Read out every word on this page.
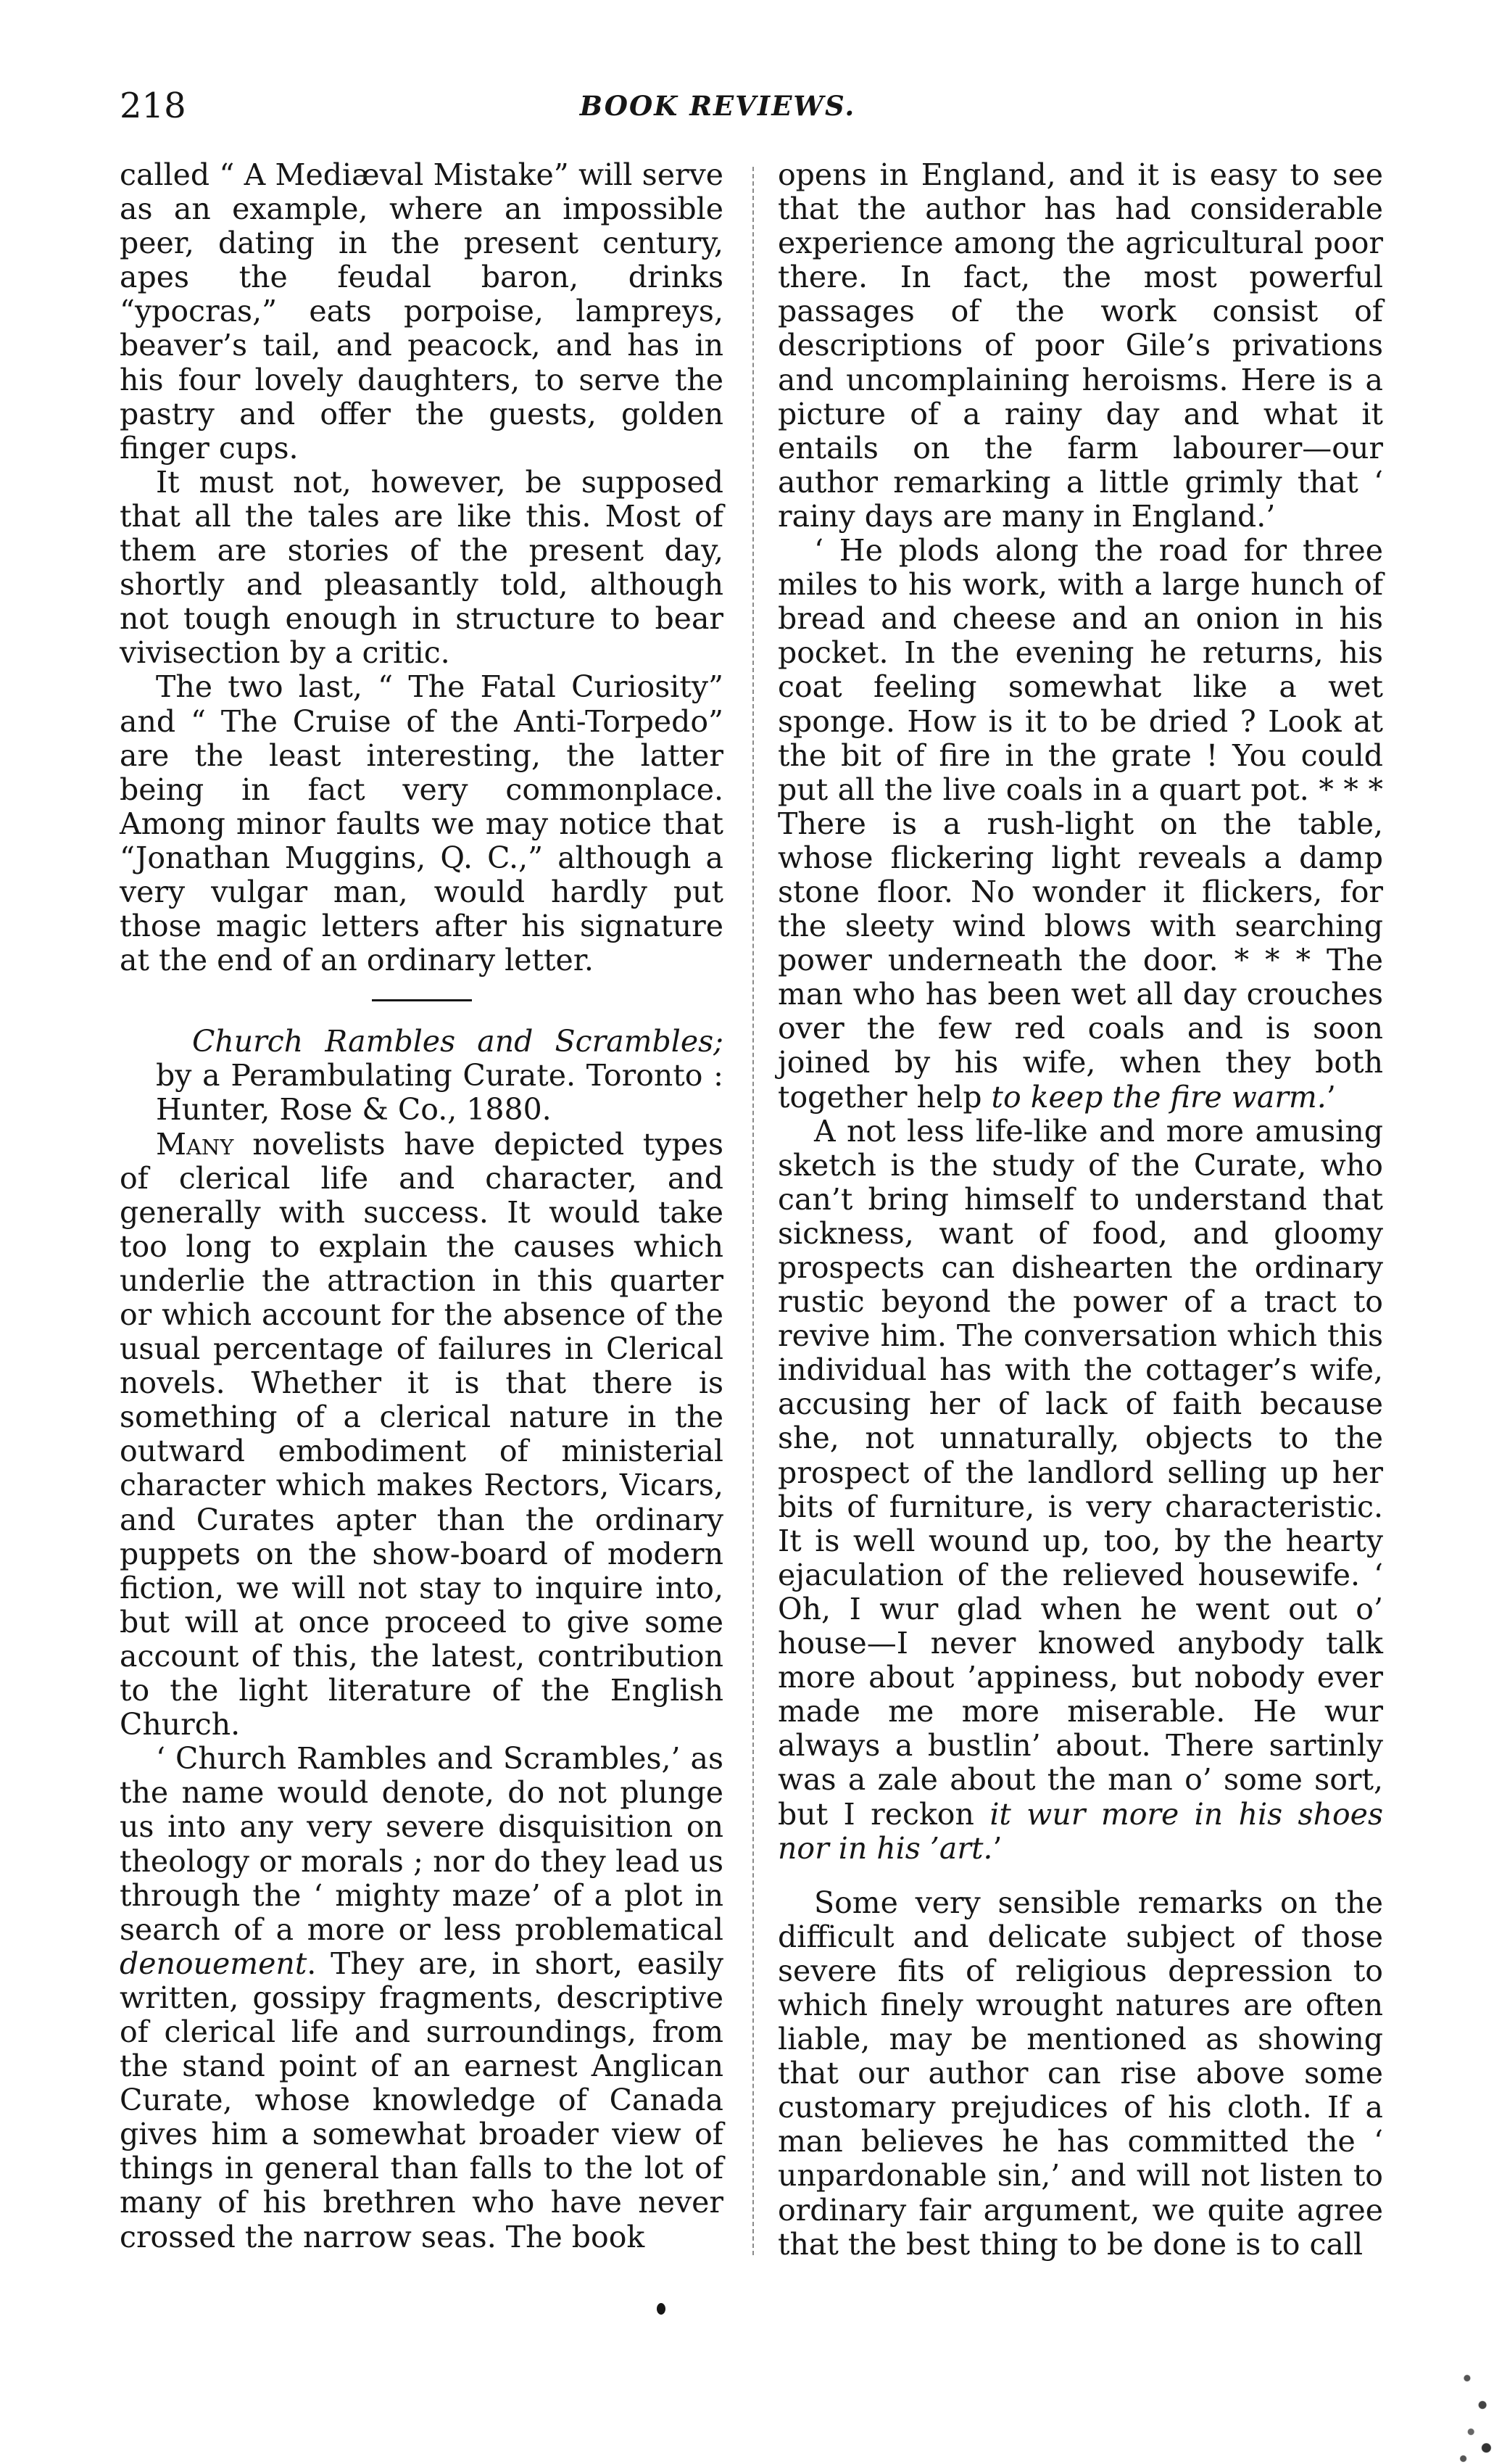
218	BOOK REVIEWS.

called “ A Mediæval Mistake” will serve as an example, where an impossible peer, dating in the present century, apes the feudal baron, drinks “ypocras,” eats porpoise, lampreys, beaver’s tail, and peacock, and has in his four lovely daughters, to serve the pastry and offer the guests, golden finger cups.

It must not, however, be supposed that all the tales are like this. Most of them are stories of the present day, shortly and pleasantly told, although not tough enough in structure to bear vivisection by a critic.

The two last, “ The Fatal Curiosity” and “ The Cruise of the Anti-Torpedo” are the least interesting, the latter being in fact very commonplace. Among minor faults we may notice that “Jonathan Muggins, Q. C.,” although a very vulgar man, would hardly put those magic letters after his signature at the end of an ordinary letter.

Church Rambles and Scrambles; by a Perambulating Curate. Toronto : Hunter, Rose & Co., 1880.

Many novelists have depicted types of clerical life and character, and generally with success. It would take too long to explain the causes which underlie the attraction in this quarter or which account for the absence of the usual percentage of failures in Clerical novels. Whether it is that there is something of a clerical nature in the outward embodiment of ministerial character which makes Rectors, Vicars, and Curates apter than the ordinary puppets on the show-board of modern fiction, we will not stay to inquire into, but will at once proceed to give some account of this, the latest, contribution to the light literature of the English Church.

‘ Church Rambles and Scrambles,’ as the name would denote, do not plunge us into any very severe disquisition on theology or morals ; nor do they lead us through the ‘ mighty maze’ of a plot in search of a more or less problematical denouement. They are, in short, easily written, gossipy fragments, descriptive of clerical life and surroundings, from the stand point of an earnest Anglican Curate, whose knowledge of Canada gives him a somewhat broader view of things in general than falls to the lot of many of his brethren who have never crossed the narrow seas. The book

opens in England, and it is easy to see that the author has had considerable experience among the agricultural poor there. In fact, the most powerful passages of the work consist of descriptions of poor Gile’s privations and uncomplaining heroisms. Here is a picture of a rainy day and what it entails on the farm labourer—our author remarking a little grimly that ‘ rainy days are many in England.’

‘ He plods along the road for three miles to his work, with a large hunch of bread and cheese and an onion in his pocket. In the evening he returns, his coat feeling somewhat like a wet sponge. How is it to be dried ? Look at the bit of fire in the grate ! You could put all the live coals in a quart pot. * * * There is a rush-light on the table, whose flickering light reveals a damp stone floor. No wonder it flickers, for the sleety wind blows with searching power underneath the door. * * * The man who has been wet all day crouches over the few red coals and is soon joined by his wife, when they both together help to keep the fire warm.’

A not less life-like and more amusing sketch is the study of the Curate, who can’t bring himself to understand that sickness, want of food, and gloomy prospects can dishearten the ordinary rustic beyond the power of a tract to revive him. The conversation which this individual has with the cottager’s wife, accusing her of lack of faith because she, not unnaturally, objects to the prospect of the landlord selling up her bits of furniture, is very characteristic. It is well wound up, too, by the hearty ejaculation of the relieved housewife. ‘ Oh, I wur glad when he went out o’ house—I never knowed anybody talk more about ’appiness, but nobody ever made me more miserable. He wur always a bustlin’ about. There sartinly was a zale about the man o’ some sort, but I reckon it wur more in his shoes nor in his ’art.’

Some very sensible remarks on the difficult and delicate subject of those severe fits of religious depression to which finely wrought natures are often liable, may be mentioned as showing that our author can rise above some customary prejudices of his cloth. If a man believes he has committed the ‘ unpardonable sin,’ and will not listen to ordinary fair argument, we quite agree that the best thing to be done is to call
